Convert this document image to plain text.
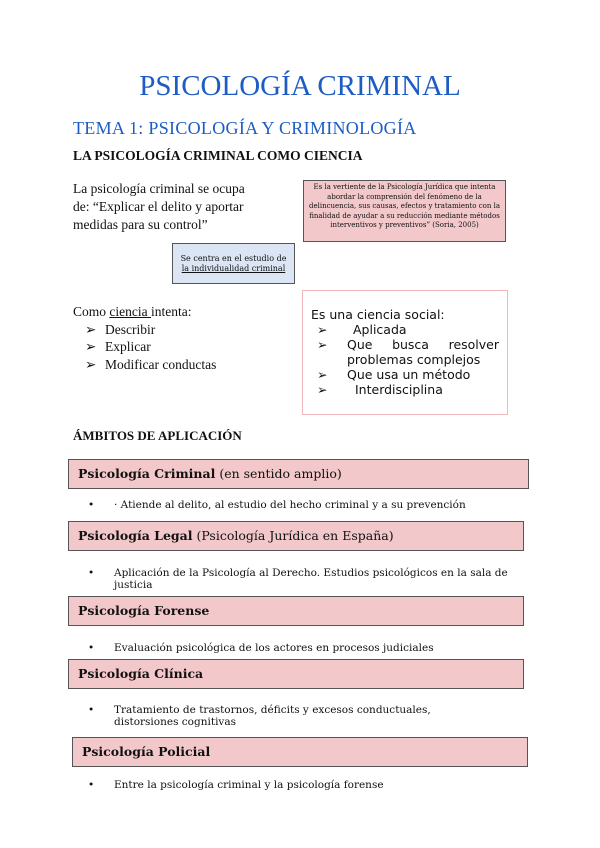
PSICOLOGÍA CRIMINAL
TEMA 1: PSICOLOGÍA Y CRIMINOLOGÍA
LA PSICOLOGÍA CRIMINAL COMO CIENCIA
La psicología criminal se ocupa de: “Explicar el delito y aportar medidas para su control”
Es la vertiente de la Psicología Jurídica que intenta abordar la comprensión del fenómeno de la delincuencia, sus causas, efectos y tratamiento con la finalidad de ayudar a su reducción mediante métodos interventivos y preventivos” (Soria, 2005)
Se centra en el estudio de
la individualidad criminal
Como ciencia intenta:
➢ Describir
➢ Explicar
➢ Modificar conductas
Es una ciencia social:
➢	Aplicada
➢	Que busca resolver problemas complejos
➢	Que usa un método
➢	Interdisciplina
ÁMBITOS DE APLICACIÓN
Psicología Criminal (en sentido amplio)
•	· Atiende al delito, al estudio del hecho criminal y a su prevención
Psicología Legal (Psicología Jurídica en España)
•	Aplicación de la Psicología al Derecho. Estudios psicológicos en la sala de justicia
Psicología Forense
•	Evaluación psicológica de los actores en procesos judiciales
Psicología Clínica
•	Tratamiento de trastornos, déficits y excesos conductuales, distorsiones cognitivas
Psicología Policial
•	Entre la psicología criminal y la psicología forense
